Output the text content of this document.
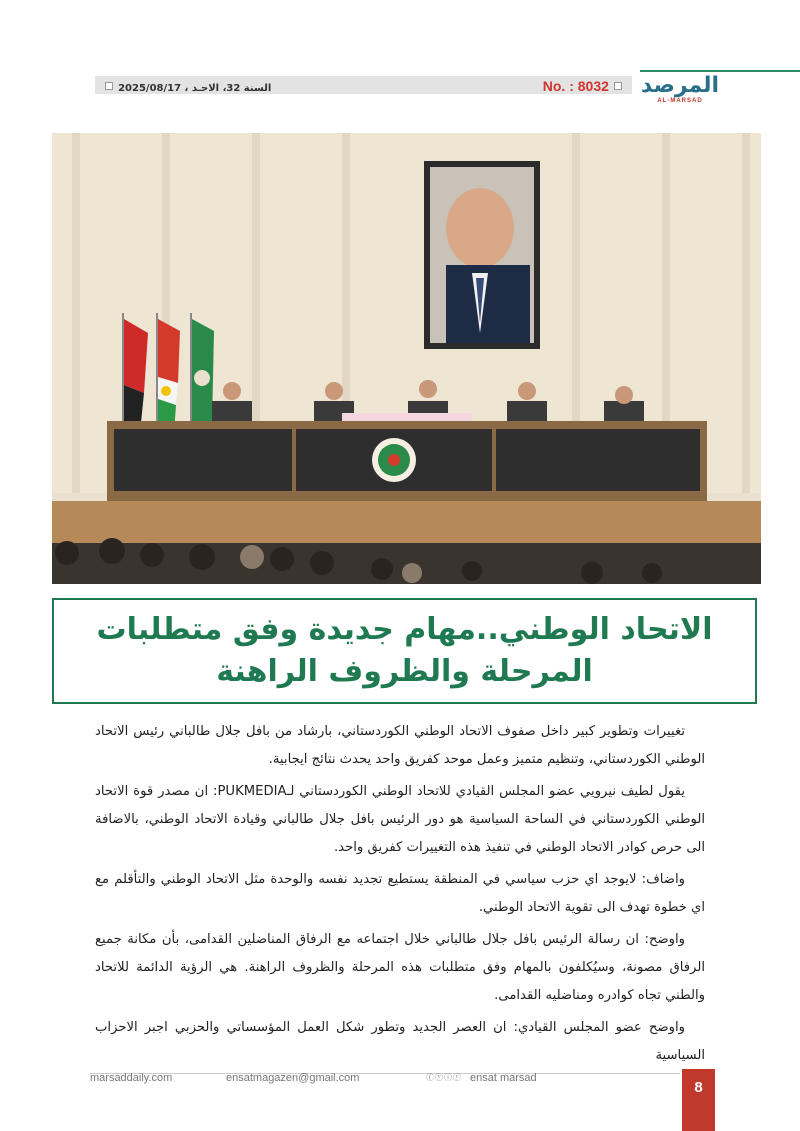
السنة 32، الاحـد ، 2025/08/17	No. : 8032	المرصد
AL-MARSAD
الاتحاد الوطني..مهام جديدة وفق متطلبات
المرحلة والظروف الراهنة

تغييرات وتطوير كبير داخل صفوف الاتحاد الوطني الكوردستاني، بارشاد من بافل جلال طالباني رئيس الاتحاد الوطني الكوردستاني، وتنظيم متميز وعمل موحد كفريق واحد يحدث نتائج ايجابية.

يقول لطيف نيرويي عضو المجلس القيادي للاتحاد الوطني الكوردستاني لـPUKMEDIA: ان مصدر قوة الاتحاد الوطني الكوردستاني في الساحة السياسية هو دور الرئيس بافل جلال طالباني وقيادة الاتحاد الوطني، بالاضافة الى حرص كوادر الاتحاد الوطني في تنفيذ هذه التغييرات كفريق واحد.

واضاف: لايوجد اي حزب سياسي في المنطقة يستطيع تجديد نفسه والوحدة مثل الاتحاد الوطني والتأقلم مع اي خطوة تهدف الى تقوية الاتحاد الوطني.

واوضح: ان رسالة الرئيس بافل جلال طالباني خلال اجتماعه مع الرفاق المناضلين القدامى، بأن مكانة جميع الرفاق مصونة، وسيُكلفون بالمهام وفق متطلبات هذه المرحلة والظروف الراهنة. هي الرؤية الدائمة للاتحاد والطني تجاه كوادره ومناضليه القدامى.

واوضح عضو المجلس القيادي: ان العصر الجديد وتطور شكل العمل المؤسساتي والحزبي اجبر الاحزاب السياسية

marsaddaily.com	ensatmagazen@gmail.com	ⓕⓨⓘⓨ ensat marsad
8
